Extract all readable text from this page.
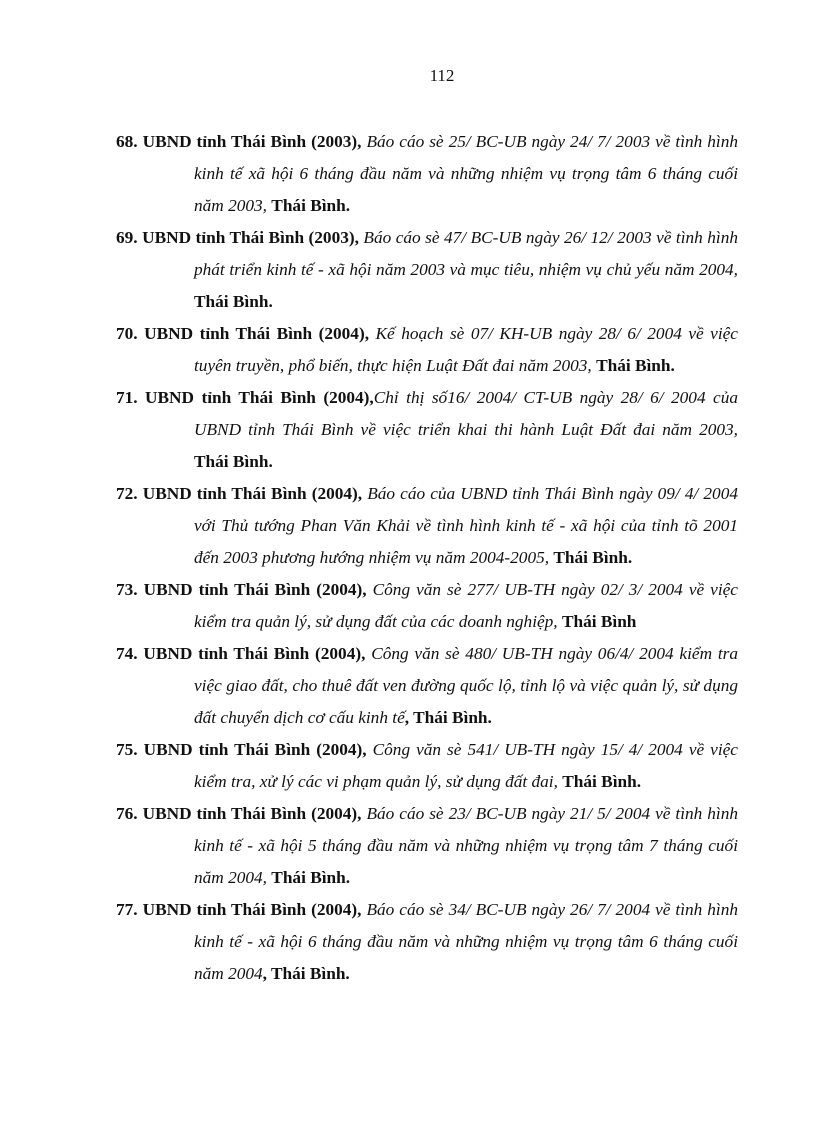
112
68. UBND tỉnh Thái Bình (2003), Báo cáo sè 25/ BC-UB ngày 24/ 7/ 2003 về tình hình kinh tế xã hội 6 tháng đầu năm và những nhiệm vụ trọng tâm 6 tháng cuối năm 2003, Thái Bình.
69. UBND tỉnh Thái Bình (2003), Báo cáo sè 47/ BC-UB ngày 26/ 12/ 2003 về tình hình phát triển kinh tế - xã hội năm 2003 và mục tiêu, nhiệm vụ chủ yếu năm 2004, Thái Bình.
70. UBND tỉnh Thái Bình (2004), Kế hoạch sè 07/ KH-UB ngày 28/ 6/ 2004 về việc tuyên truyền, phổ biến, thực hiện Luật Đất đai năm 2003, Thái Bình.
71. UBND tỉnh Thái Bình (2004),Chỉ thị số16/ 2004/ CT-UB ngày 28/ 6/ 2004 của UBND tỉnh Thái Bình về việc triển khai thi hành Luật Đất đai năm 2003, Thái Bình.
72. UBND tỉnh Thái Bình (2004), Báo cáo của UBND tỉnh Thái Bình ngày 09/ 4/ 2004 với Thủ tướng Phan Văn Khải về tình hình kinh tế - xã hội của tỉnh tõ 2001 đến 2003 phương hướng nhiệm vụ năm 2004-2005, Thái Bình.
73. UBND tỉnh Thái Bình (2004), Công văn sè 277/ UB-TH ngày 02/ 3/ 2004 về việc kiểm tra quản lý, sử dụng đất của các doanh nghiệp, Thái Bình
74. UBND tỉnh Thái Bình (2004), Công văn sè 480/ UB-TH ngày 06/4/ 2004 kiểm tra việc giao đất, cho thuê đất ven đường quốc lộ, tỉnh lộ và việc quản lý, sử dụng đất chuyển dịch cơ cấu kinh tế, Thái Bình.
75. UBND tỉnh Thái Bình (2004), Công văn sè 541/ UB-TH ngày 15/ 4/ 2004 về việc kiểm tra, xử lý các vi phạm quản lý, sử dụng đất đai, Thái Bình.
76. UBND tỉnh Thái Bình (2004), Báo cáo sè 23/ BC-UB ngày 21/ 5/ 2004 về tình hình kinh tế - xã hội 5 tháng đầu năm và những nhiệm vụ trọng tâm 7 tháng cuối năm 2004, Thái Bình.
77. UBND tỉnh Thái Bình (2004), Báo cáo sè 34/ BC-UB ngày 26/ 7/ 2004 về tình hình kinh tế - xã hội 6 tháng đầu năm và những nhiệm vụ trọng tâm 6 tháng cuối năm 2004, Thái Bình.
